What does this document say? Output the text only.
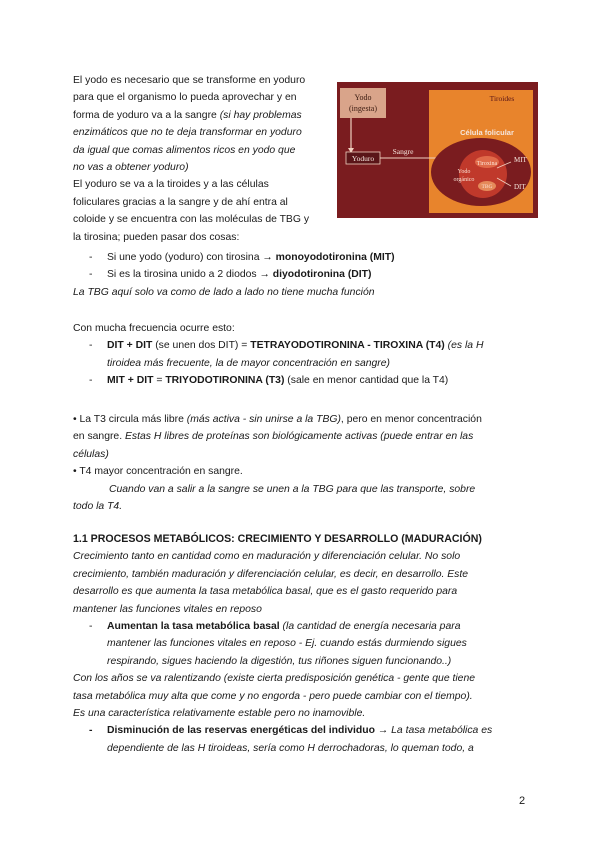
Yodo
(ingesta)
Yoduro
Sangre
Tiroides
Célula folicular
Tiroxina
Yodo
orgánico
TBG
MIT
DIT
El yodo es necesario que se transforme en yoduro
para que el organismo lo pueda aprovechar y en
forma de yoduro va a la sangre (si hay problemas
enzimáticos que no te deja transformar en yoduro
da igual que comas alimentos ricos en yodo que
no vas a obtener yoduro)
El yoduro se va a la tiroides y a las células
foliculares gracias a la sangre y de ahí entra al
coloide y se encuentra con las moléculas de TBG y
la tirosina; pueden pasar dos cosas:
- Si une yodo (yoduro) con tirosina → monoyodotironina (MIT)
- Si es la tirosina unido a 2 diodos → diyodotironina (DIT)
La TBG aquí solo va como de lado a lado no tiene mucha función
Con mucha frecuencia ocurre esto:
- DIT + DIT (se unen dos DIT) = TETRAYODOTIRONINA - TIROXINA (T4) (es la H
tiroidea más frecuente, la de mayor concentración en sangre)
- MIT + DIT = TRIYODOTIRONINA (T3) (sale en menor cantidad que la T4)
• La T3 circula más libre (más activa - sin unirse a la TBG), pero en menor concentración
en sangre. Estas H libres de proteínas son biológicamente activas (puede entrar en las
células)
• T4 mayor concentración en sangre.
Cuando van a salir a la sangre se unen a la TBG para que las transporte, sobre
todo la T4.
1.1 PROCESOS METABÓLICOS: CRECIMIENTO Y DESARROLLO (MADURACIÓN)
Crecimiento tanto en cantidad como en maduración y diferenciación celular. No solo
crecimiento, también maduración y diferenciación celular, es decir, en desarrollo. Este
desarrollo es que aumenta la tasa metabólica basal, que es el gasto requerido para
mantener las funciones vitales en reposo
- Aumentan la tasa metabólica basal (la cantidad de energía necesaria para
mantener las funciones vitales en reposo - Ej. cuando estás durmiendo sigues
respirando, sigues haciendo la digestión, tus riñones siguen funcionando..)
Con los años se va ralentizando (existe cierta predisposición genética - gente que tiene
tasa metabólica muy alta que come y no engorda - pero puede cambiar con el tiempo).
Es una característica relativamente estable pero no inamovible.
- Disminución de las reservas energéticas del individuo → La tasa metabólica es
dependiente de las H tiroideas, sería como H derrochadoras, lo queman todo, a
2
